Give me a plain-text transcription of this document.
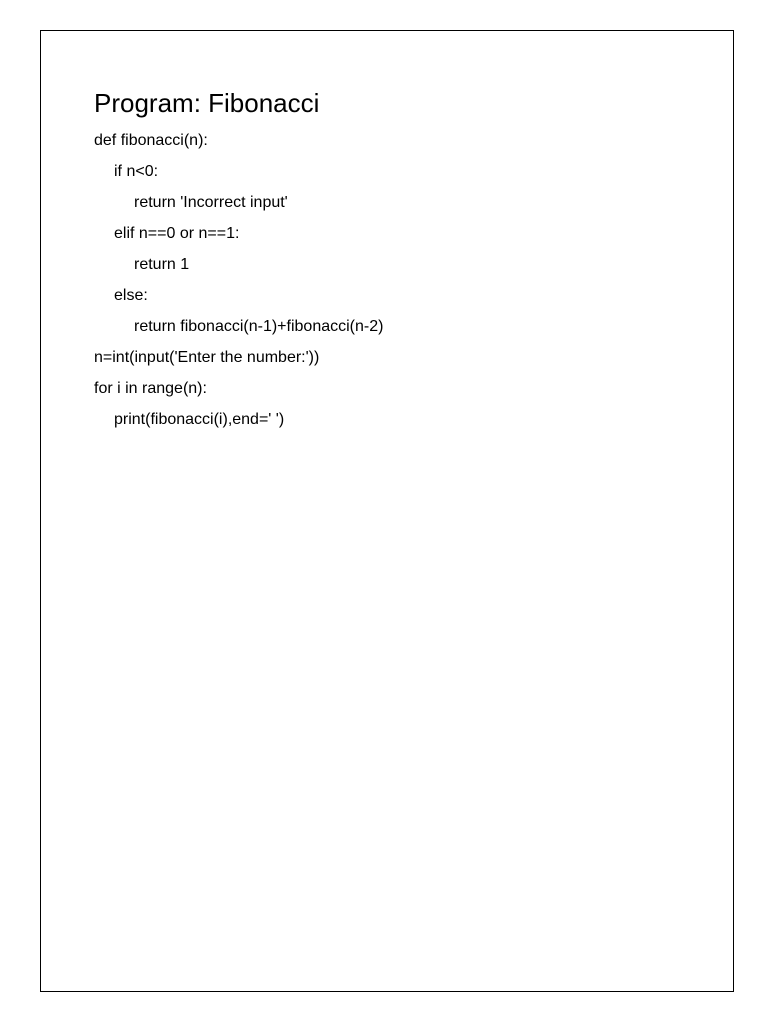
Program: Fibonacci
def fibonacci(n):
if n<0:
return 'Incorrect input'
elif n==0 or n==1:
return 1
else:
return fibonacci(n-1)+fibonacci(n-2)
n=int(input('Enter the number:'))
for i in range(n):
print(fibonacci(i),end=' ')
